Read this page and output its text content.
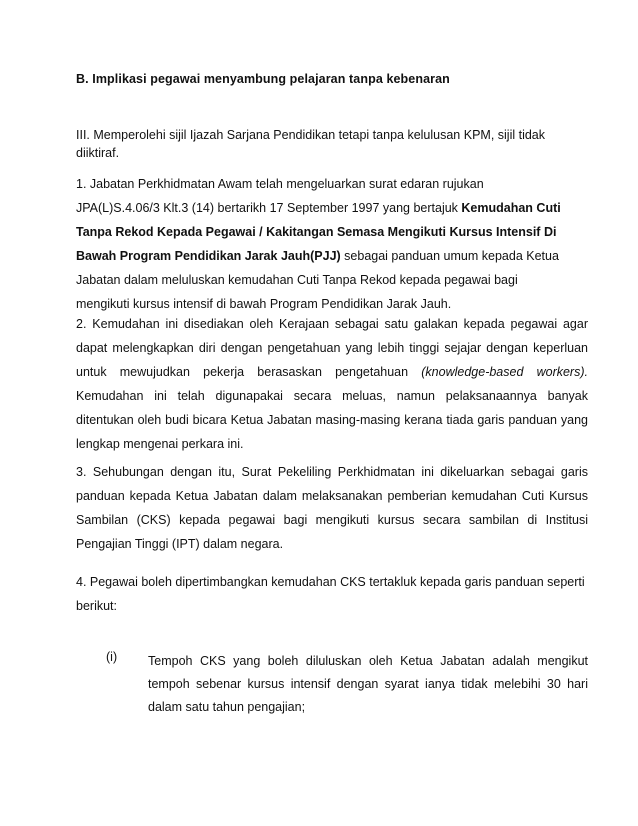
B. Implikasi pegawai menyambung pelajaran tanpa kebenaran
III. Memperolehi sijil Ijazah Sarjana Pendidikan tetapi tanpa kelulusan KPM, sijil tidak
diiktiraf.
1. Jabatan Perkhidmatan Awam telah mengeluarkan surat edaran rujukan
JPA(L)S.4.06/3 Klt.3 (14) bertarikh 17 September 1997 yang bertajuk Kemudahan Cuti
Tanpa Rekod Kepada Pegawai / Kakitangan Semasa Mengikuti Kursus Intensif Di
Bawah Program Pendidikan Jarak Jauh(PJJ) sebagai panduan umum kepada Ketua
Jabatan dalam meluluskan kemudahan Cuti Tanpa Rekod kepada pegawai bagi
mengikuti kursus intensif di bawah Program Pendidikan Jarak Jauh.
2. Kemudahan ini disediakan oleh Kerajaan sebagai satu galakan kepada pegawai agar
dapat melengkapkan diri dengan pengetahuan yang lebih tinggi sejajar dengan keperluan
untuk mewujudkan pekerja berasaskan pengetahuan (knowledge-based workers).
Kemudahan ini telah digunapakai secara meluas, namun pelaksanaannya banyak
ditentukan oleh budi bicara Ketua Jabatan masing-masing kerana tiada garis panduan yang
lengkap mengenai perkara ini.
3. Sehubungan dengan itu, Surat Pekeliling Perkhidmatan ini dikeluarkan sebagai garis
panduan kepada Ketua Jabatan dalam melaksanakan pemberian kemudahan Cuti Kursus
Sambilan (CKS) kepada pegawai bagi mengikuti kursus secara sambilan di Institusi
Pengajian Tinggi (IPT) dalam negara.
4. Pegawai boleh dipertimbangkan kemudahan CKS tertakluk kepada garis panduan seperti
berikut:
(i) Tempoh CKS yang boleh diluluskan oleh Ketua Jabatan adalah mengikut
tempoh sebenar kursus intensif dengan syarat ianya tidak melebihi 30 hari
dalam satu tahun pengajian;
